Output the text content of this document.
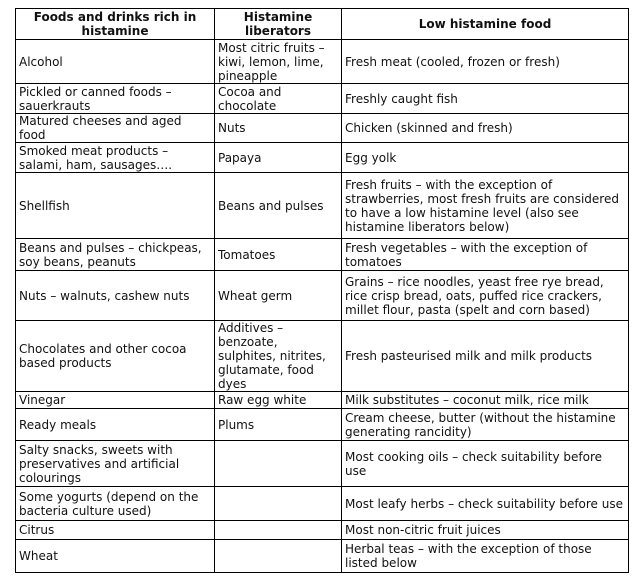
Foods and drinks rich in histamine	Histamine liberators	Low histamine food
Alcohol	Most citric fruits – kiwi, lemon, lime, pineapple	Fresh meat (cooled, frozen or fresh)
Pickled or canned foods – sauerkrauts	Cocoa and chocolate	Freshly caught fish
Matured cheeses and aged food	Nuts	Chicken (skinned and fresh)
Smoked meat products – salami, ham, sausages….	Papaya	Egg yolk
Shellfish	Beans and pulses	Fresh fruits – with the exception of strawberries, most fresh fruits are considered to have a low histamine level (also see histamine liberators below)
Beans and pulses – chickpeas, soy beans, peanuts	Tomatoes	Fresh vegetables – with the exception of tomatoes
Nuts – walnuts, cashew nuts	Wheat germ	Grains – rice noodles, yeast free rye bread, rice crisp bread, oats, puffed rice crackers, millet flour, pasta (spelt and corn based)
Chocolates and other cocoa based products	Additives – benzoate, sulphites, nitrites, glutamate, food dyes	Fresh pasteurised milk and milk products
Vinegar	Raw egg white	Milk substitutes – coconut milk, rice milk
Ready meals	Plums	Cream cheese, butter (without the histamine generating rancidity)
Salty snacks, sweets with preservatives and artificial colourings		Most cooking oils – check suitability before use
Some yogurts (depend on the bacteria culture used)		Most leafy herbs – check suitability before use
Citrus		Most non-citric fruit juices
Wheat		Herbal teas – with the exception of those listed below
